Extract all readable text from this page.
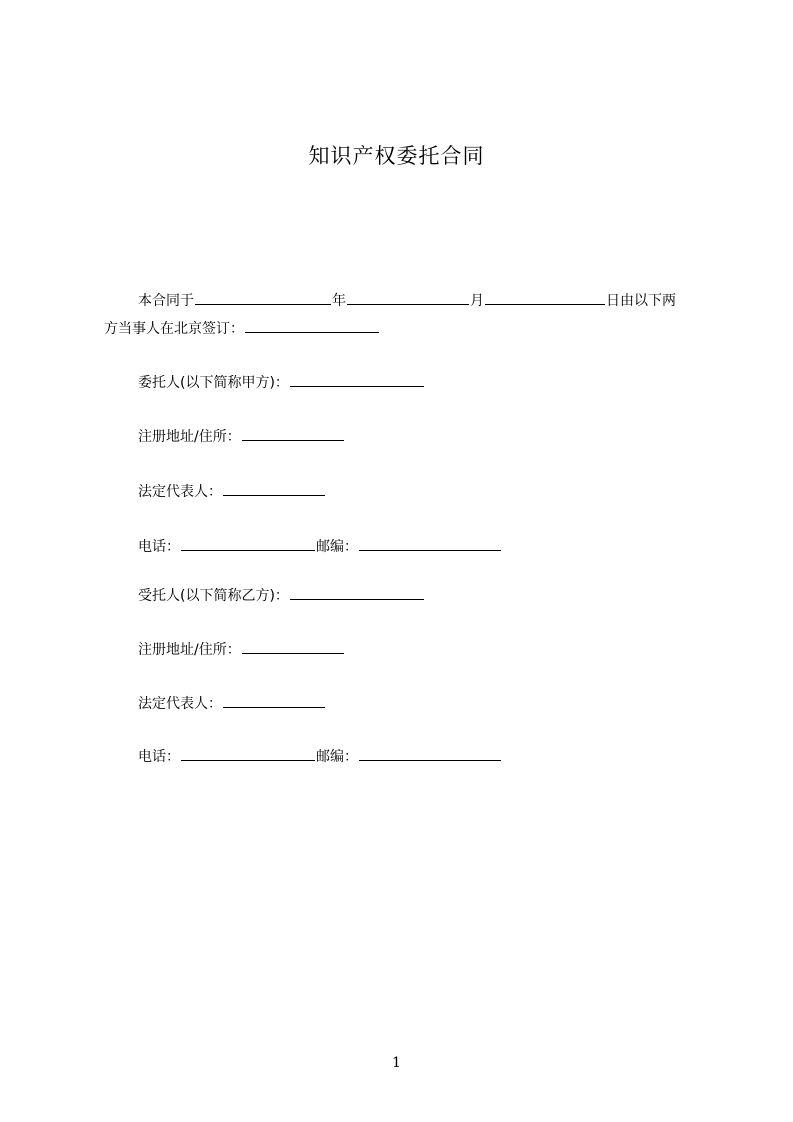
知识产权委托合同
本合同于	年	月	日由以下两
方当事人在北京签订：
委托人(以下简称甲方)：
注册地址/住所：
法定代表人：
电话：	邮编：
受托人(以下简称乙方)：
注册地址/住所：
法定代表人：
电话：	邮编：
1
